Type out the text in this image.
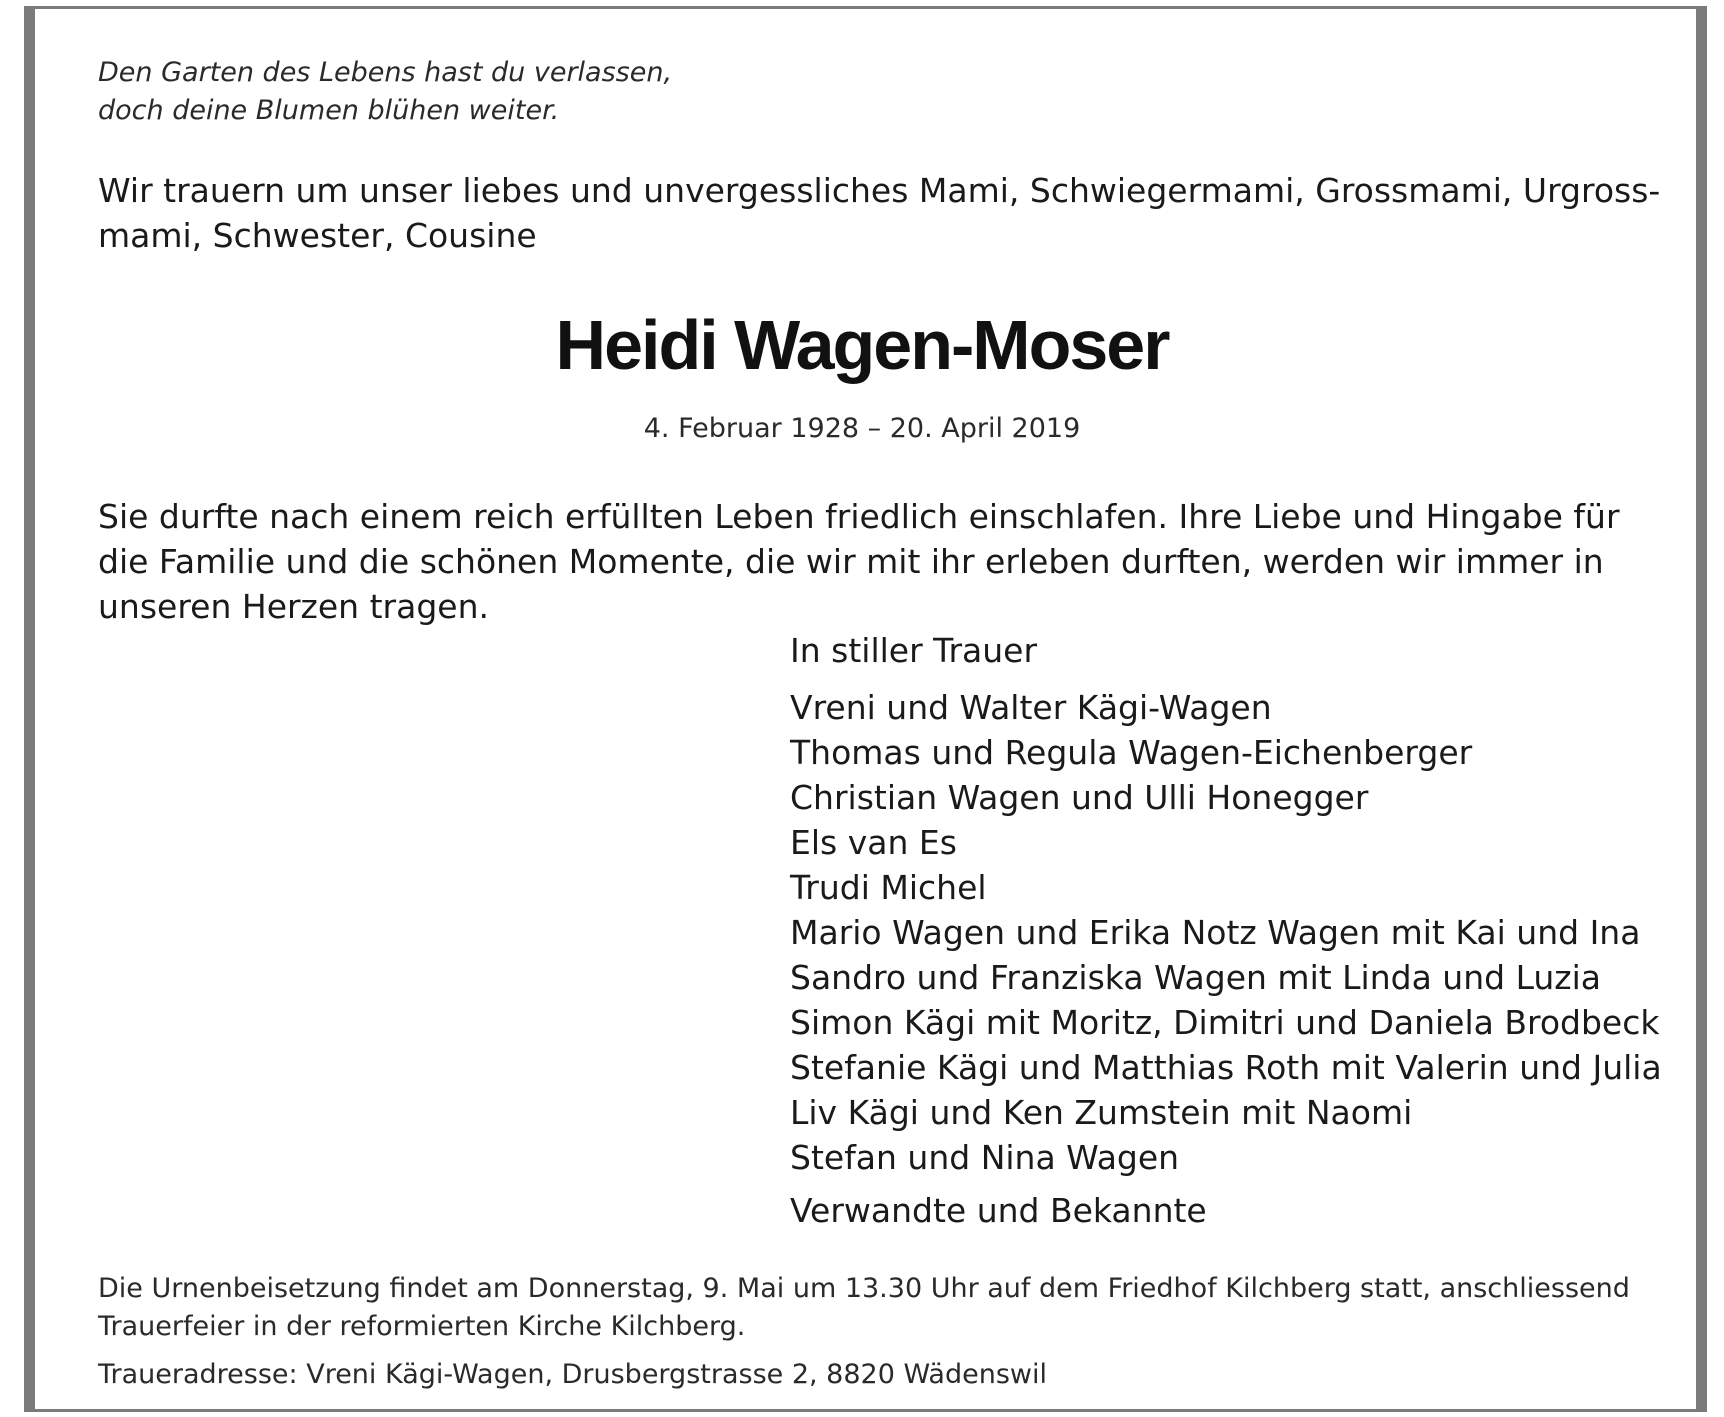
Den Garten des Lebens hast du verlassen,
doch deine Blumen blühen weiter.
Wir trauern um unser liebes und unvergessliches Mami, Schwiegermami, Grossmami, Urgross-
mami, Schwester, Cousine
Heidi Wagen-Moser
4. Februar 1928 – 20. April 2019
Sie durfte nach einem reich erfüllten Leben friedlich einschlafen. Ihre Liebe und Hingabe für
die Familie und die schönen Momente, die wir mit ihr erleben durften, werden wir immer in
unseren Herzen tragen.
In stiller Trauer
Vreni und Walter Kägi-Wagen
Thomas und Regula Wagen-Eichenberger
Christian Wagen und Ulli Honegger
Els van Es
Trudi Michel
Mario Wagen und Erika Notz Wagen mit Kai und Ina
Sandro und Franziska Wagen mit Linda und Luzia
Simon Kägi mit Moritz, Dimitri und Daniela Brodbeck
Stefanie Kägi und Matthias Roth mit Valerin und Julia
Liv Kägi und Ken Zumstein mit Naomi
Stefan und Nina Wagen
Verwandte und Bekannte
Die Urnenbeisetzung findet am Donnerstag, 9. Mai um 13.30 Uhr auf dem Friedhof Kilchberg statt, anschliessend
Trauerfeier in der reformierten Kirche Kilchberg.
Traueradresse: Vreni Kägi-Wagen, Drusbergstrasse 2, 8820 Wädenswil
